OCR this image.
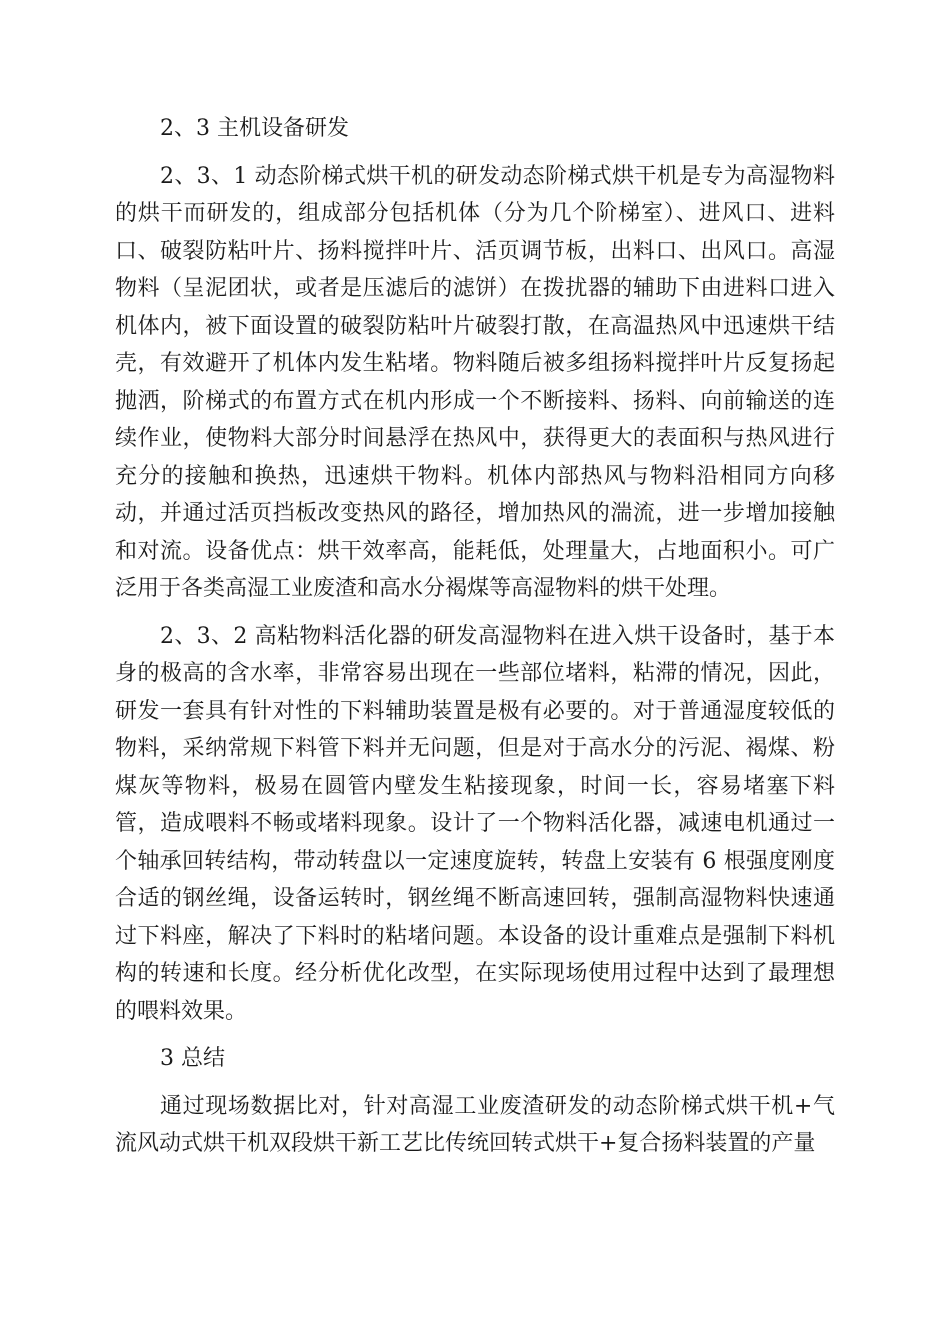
2、3 主机设备研发

2、3、1 动态阶梯式烘干机的研发动态阶梯式烘干机是专为高湿物料的烘干而研发的，组成部分包括机体（分为几个阶梯室）、进风口、进料口、破裂防粘叶片、扬料搅拌叶片、活页调节板，出料口、出风口。高湿物料（呈泥团状，或者是压滤后的滤饼）在拨扰器的辅助下由进料口进入机体内，被下面设置的破裂防粘叶片破裂打散，在高温热风中迅速烘干结壳，有效避开了机体内发生粘堵。物料随后被多组扬料搅拌叶片反复扬起抛洒，阶梯式的布置方式在机内形成一个不断接料、扬料、向前输送的连续作业，使物料大部分时间悬浮在热风中，获得更大的表面积与热风进行充分的接触和换热，迅速烘干物料。机体内部热风与物料沿相同方向移动，并通过活页挡板改变热风的路径，增加热风的湍流，进一步增加接触和对流。设备优点：烘干效率高，能耗低，处理量大，占地面积小。可广泛用于各类高湿工业废渣和高水分褐煤等高湿物料的烘干处理。

2、3、2 高粘物料活化器的研发高湿物料在进入烘干设备时，基于本身的极高的含水率，非常容易出现在一些部位堵料，粘滞的情况，因此，研发一套具有针对性的下料辅助装置是极有必要的。对于普通湿度较低的物料，采纳常规下料管下料并无问题，但是对于高水分的污泥、褐煤、粉煤灰等物料，极易在圆管内壁发生粘接现象，时间一长，容易堵塞下料管，造成喂料不畅或堵料现象。设计了一个物料活化器，减速电机通过一个轴承回转结构，带动转盘以一定速度旋转，转盘上安装有 6 根强度刚度合适的钢丝绳，设备运转时，钢丝绳不断高速回转，强制高湿物料快速通过下料座，解决了下料时的粘堵问题。本设备的设计重难点是强制下料机构的转速和长度。经分析优化改型，在实际现场使用过程中达到了最理想的喂料效果。

3 总结

通过现场数据比对，针对高湿工业废渣研发的动态阶梯式烘干机+气流风动式烘干机双段烘干新工艺比传统回转式烘干+复合扬料装置的产量
